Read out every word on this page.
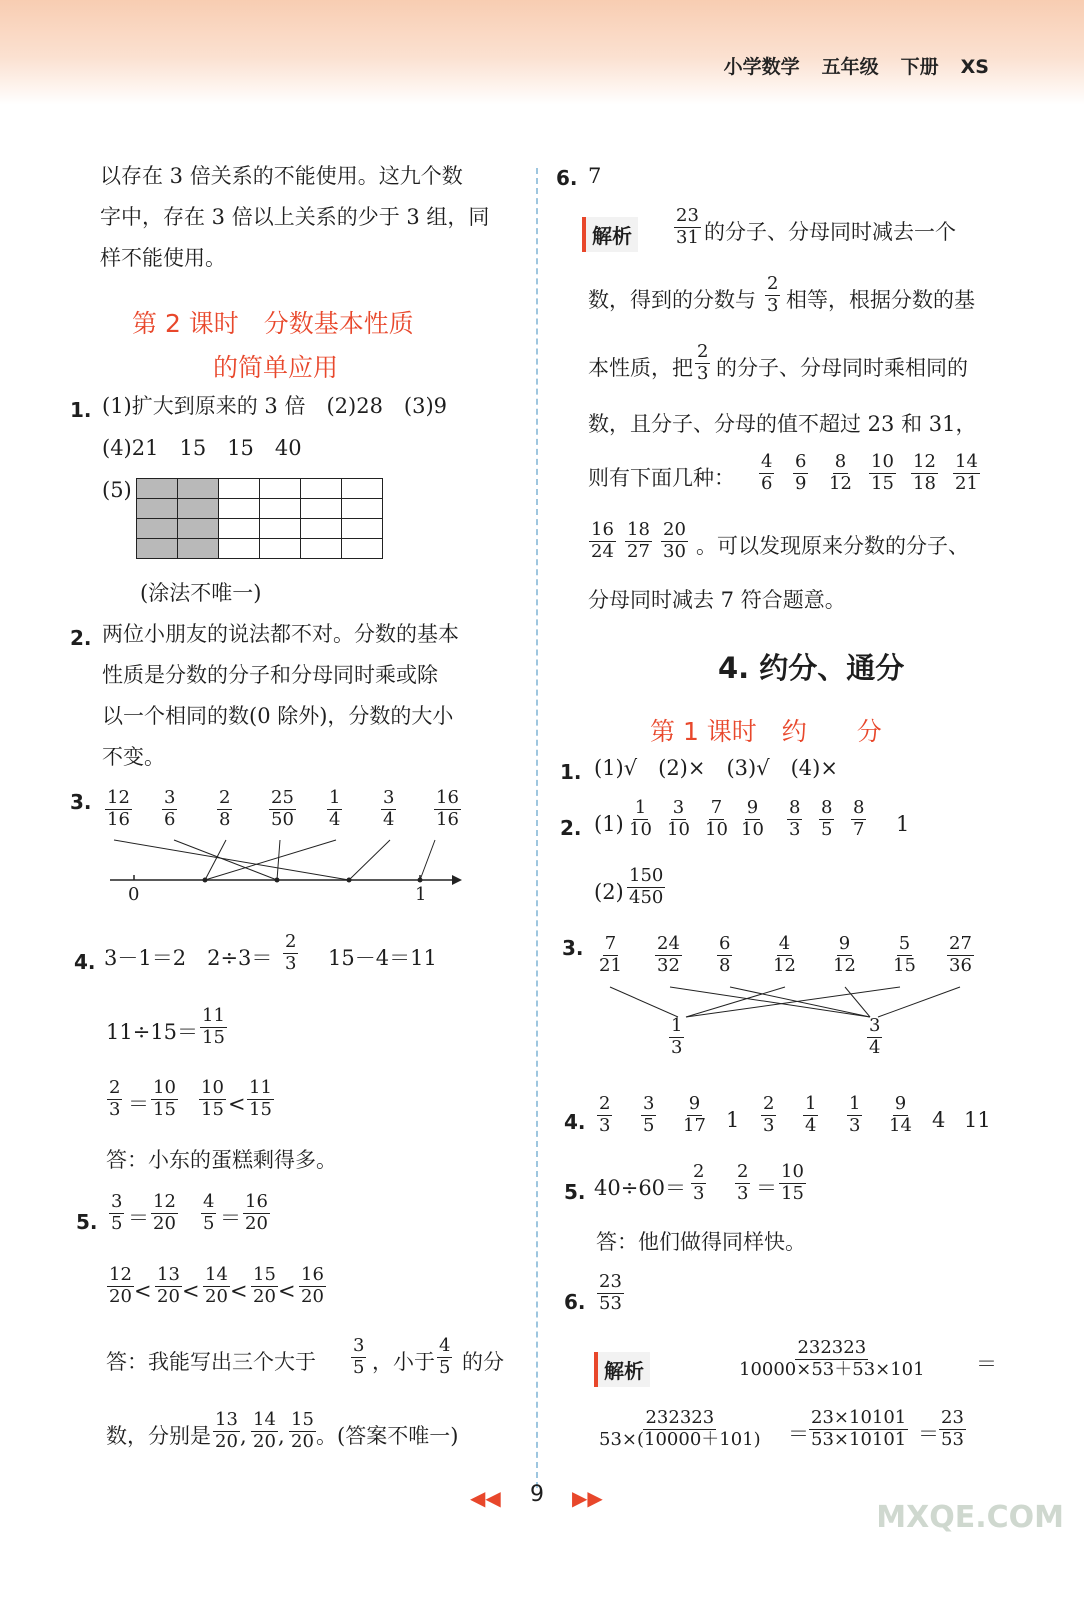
小学数学 五年级 下册 XS
以存在 3 倍关系的不能使用。这九个数
字中，存在 3 倍以上关系的少于 3 组，同
样不能使用。
第 2 课时　分数基本性质
的简单应用
1. (1)扩大到原来的 3 倍　(2)28　(3)9
(4)21　15　15　40
(5)

(涂法不唯一)
2. 两位小朋友的说法都不对。分数的基本
性质是分数的分子和分母同时乘或除
以一个相同的数(0 除外)，分数的大小
不变。
3. 12
16
3
6
2
8
25
50
1
4
3
4
16
16
0	1
4. 3－1＝2　2÷3＝
2
3 15－4＝11
11÷15＝
11
15
2
3 ＝
10
15
10
15 <
11
15
答：小东的蛋糕剩得多。
5.
3
5 ＝
12
20
4
5 ＝
16
20
12
20 <
13
20 <
14
20 <
15
20 <
16
20
答：我能写出三个大于
3
5 ，小于
4
5 的分
数，分别是
13
20 ,
14
20 ,
15
20 。(答案不唯一)
6. 7
解析
23
31 的分子、分母同时减去一个
数，得到的分数与
2
3 相等，根据分数的基
本性质，把
2
3 的分子、分母同时乘相同的
数，且分子、分母的值不超过 23 和 31，
则有下面几种：
4
6
6
9
8
12
10
15
12
18
14
21
16
24
18
27
20
30 。可以发现原来分数的分子、
分母同时减去 7 符合题意。
4. 约分、通分
第 1 课时　约　　分
1. (1)√　(2)×　(3)√　(4)×
2. (1)
1
10
3
10
7
10
9
10
8
3
8
5
8
7 1
(2)
150
450
3. 7
21
24
32
6
8
4
12
9
12
5
15
27
36
1
3
3
4
4.
2
3
3
5
9
17 1
2
3
1
4
1
3
9
14 4 11
5. 40÷60＝
2
3
2
3 ＝
10
15
答：他们做得同样快。
6.
23
53
解析
232323
10000×53＋53×101 ＝
232323
53×(10000＋101) ＝
23×10101
53×10101 ＝
23
53
◀◀ 9 ▶▶
MXQE.COM
